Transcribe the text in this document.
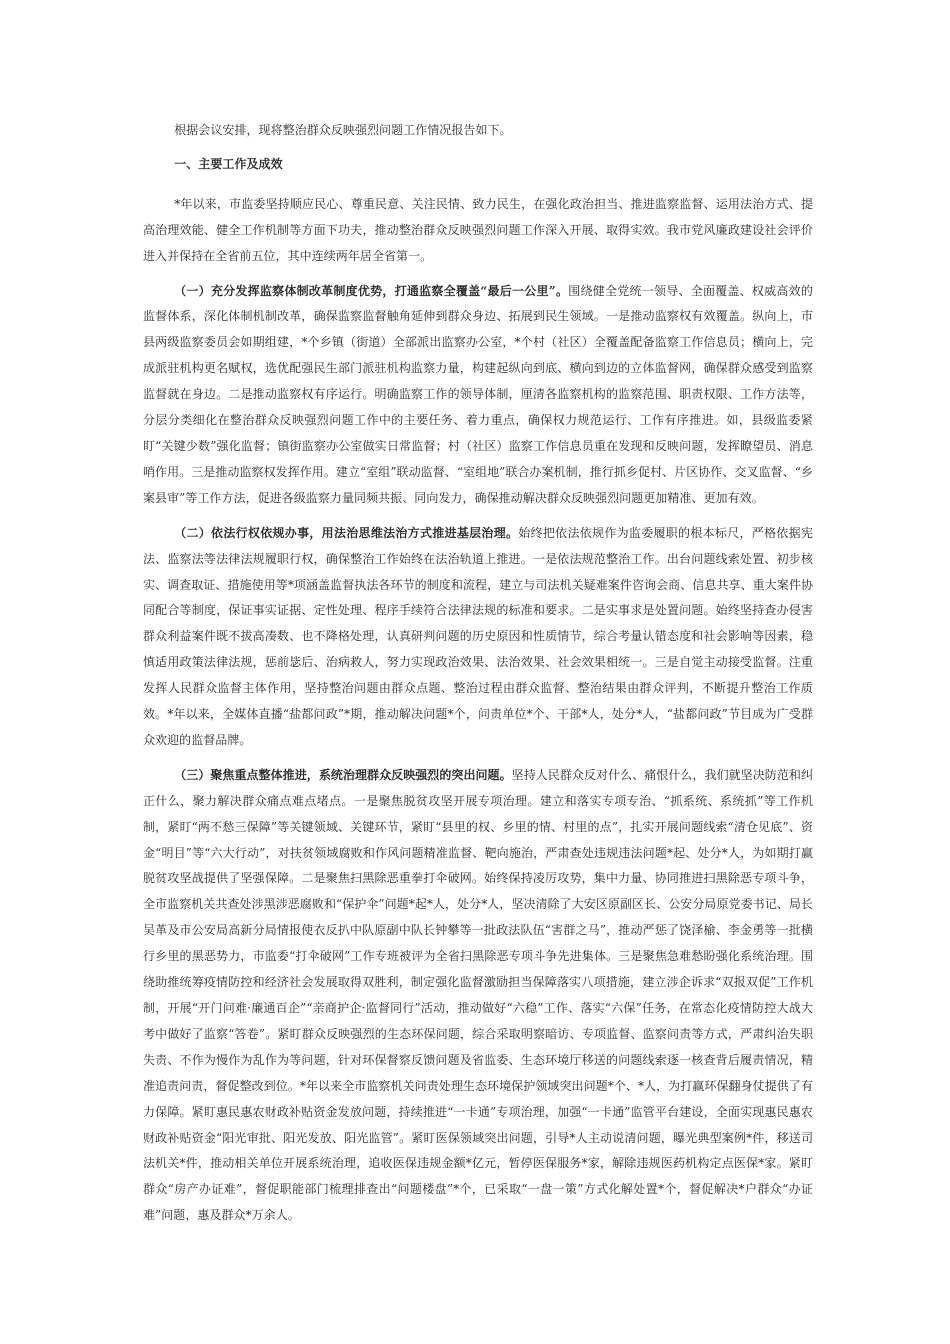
根据会议安排，现将整治群众反映强烈问题工作情况报告如下。

一、主要工作及成效

*年以来，市监委坚持顺应民心、尊重民意、关注民情、致力民生，在强化政治担当、推进监察监督、运用法治方式、提高治理效能、健全工作机制等方面下功夫，推动整治群众反映强烈问题工作深入开展、取得实效。我市党风廉政建设社会评价进入并保持在全省前五位，其中连续两年居全省第一。

（一）充分发挥监察体制改革制度优势，打通监察全覆盖“最后一公里”。围绕健全党统一领导、全面覆盖、权威高效的监督体系，深化体制机制改革，确保监察监督触角延伸到群众身边、拓展到民生领域。一是推动监察权有效覆盖。纵向上，市县两级监察委员会如期组建，*个乡镇（街道）全部派出监察办公室，*个村（社区）全覆盖配备监察工作信息员；横向上，完成派驻机构更名赋权，选优配强民生部门派驻机构监察力量，构建起纵向到底、横向到边的立体监督网，确保群众感受到监察监督就在身边。二是推动监察权有序运行。明确监察工作的领导体制，厘清各监察机构的监察范围、职责权限、工作方法等，分层分类细化在整治群众反映强烈问题工作中的主要任务、着力重点，确保权力规范运行、工作有序推进。如，县级监委紧盯“关键少数”强化监督；镇街监察办公室做实日常监督；村（社区）监察工作信息员重在发现和反映问题，发挥瞭望员、消息哨作用。三是推动监察权发挥作用。建立“室组”联动监督、“室组地”联合办案机制，推行抓乡促村、片区协作、交叉监督、“乡案县审”等工作方法，促进各级监察力量同频共振、同向发力，确保推动解决群众反映强烈问题更加精准、更加有效。

（二）依法行权依规办事，用法治思维法治方式推进基层治理。始终把依法依规作为监委履职的根本标尺，严格依据宪法、监察法等法律法规履职行权，确保整治工作始终在法治轨道上推进。一是依法规范整治工作。出台问题线索处置、初步核实、调查取证、措施使用等*项涵盖监督执法各环节的制度和流程，建立与司法机关疑难案件咨询会商、信息共享、重大案件协同配合等制度，保证事实证据、定性处理、程序手续符合法律法规的标准和要求。二是实事求是处置问题。始终坚持查办侵害群众利益案件既不拔高凑数、也不降格处理，认真研判问题的历史原因和性质情节，综合考量认错态度和社会影响等因素，稳慎适用政策法律法规，惩前毖后、治病救人，努力实现政治效果、法治效果、社会效果相统一。三是自觉主动接受监督。注重发挥人民群众监督主体作用，坚持整治问题由群众点题、整治过程由群众监督、整治结果由群众评判，不断提升整治工作质效。*年以来，全媒体直播“盐都问政”*期，推动解决问题*个，问责单位*个、干部*人，处分*人，“盐都问政”节目成为广受群众欢迎的监督品牌。

（三）聚焦重点整体推进，系统治理群众反映强烈的突出问题。坚持人民群众反对什么、痛恨什么，我们就坚决防范和纠正什么，聚力解决群众痛点难点堵点。一是聚焦脱贫攻坚开展专项治理。建立和落实专项专治、“抓系统、系统抓”等工作机制，紧盯“两不愁三保障”等关键领域、关键环节，紧盯“县里的权、乡里的情、村里的点”，扎实开展问题线索“清仓见底”、资金“明目”等“六大行动”，对扶贫领域腐败和作风问题精准监督、靶向施治，严肃查处违规违法问题*起、处分*人，为如期打赢脱贫攻坚战提供了坚强保障。二是聚焦扫黑除恶重拳打伞破网。始终保持凌厉攻势，集中力量、协同推进扫黑除恶专项斗争，全市监察机关共查处涉黑涉恶腐败和“保护伞”问题*起*人，处分*人，坚决清除了大安区原副区长、公安分局原党委书记、局长吴革及市公安局高新分局情报使衣反扒中队原副中队长钟攀等一批政法队伍“害群之马”，推动严惩了饶泽榆、李金勇等一批横行乡里的黑恶势力，市监委“打伞破网”工作专班被评为全省扫黑除恶专项斗争先进集体。三是聚焦急难愁盼强化系统治理。围绕助推统筹疫情防控和经济社会发展取得双胜利，制定强化监督激励担当保障落实八项措施，建立涉企诉求“双报双促”工作机制，开展“开门问难·廉通百企”“亲商护企·监督同行”活动，推动做好“六稳”工作、落实“六保”任务，在常态化疫情防控大战大考中做好了监察“答卷”。紧盯群众反映强烈的生态环保问题，综合采取明察暗访、专项监督、监察问责等方式，严肃纠治失职失责、不作为慢作为乱作为等问题，针对环保督察反馈问题及省监委、生态环境厅移送的问题线索逐一核查背后履责情况，精准追责问责，督促整改到位。*年以来全市监察机关问责处理生态环境保护领域突出问题*个、*人，为打赢环保翻身仗提供了有力保障。紧盯惠民惠农财政补贴资金发放问题，持续推进“一卡通”专项治理，加强“一卡通”监管平台建设，全面实现惠民惠农财政补贴资金“阳光审批、阳光发放、阳光监管”。紧盯医保领域突出问题，引导*人主动说清问题，曝光典型案例*件，移送司法机关*件，推动相关单位开展系统治理，追收医保违规金额*亿元，暂停医保服务*家，解除违规医药机构定点医保*家。紧盯群众“房产办证难”，督促职能部门梳理排查出“问题楼盘”*个，已采取“一盘一策”方式化解处置*个，督促解决*户群众“办证难”问题，惠及群众*万余人。
